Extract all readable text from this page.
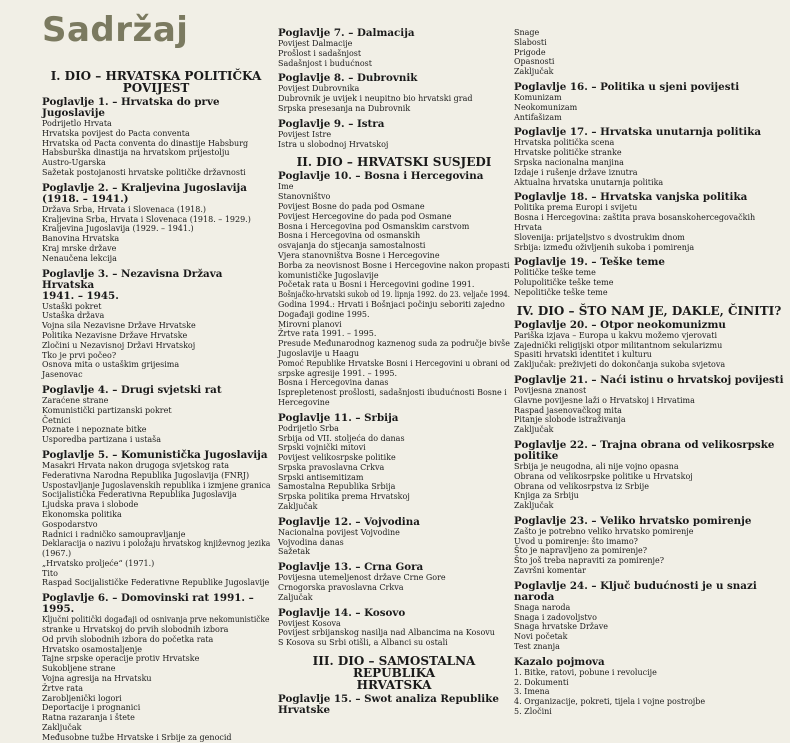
Sadržaj
I. DIO – HRVATSKA POLITIČKA
POVIJEST
Poglavlje 1. – Hrvatska do prve Jugoslavije
Podrijetlo Hrvata
Hrvatska povijest do Pacta conventa
Hrvatska od Pacta conventa do dinastije Habsburg
Habsburška dinastija na hrvatskom prijestolju
Austro-Ugarska
Sažetak postojanosti hrvatske političke državnosti
Poglavlje 2. – Kraljevina Jugoslavija
(1918. – 1941.)
Država Srba, Hrvata i Slovenaca (1918.)
Kraljevina Srba, Hrvata i Slovenaca (1918. – 1929.)
Kraljevina Jugoslavija (1929. – 1941.)
Banovina Hrvatska
Kraj mrske države
Nenaučena lekcija
Poglavlje 3. – Nezavisna Država Hrvatska
1941. – 1945.
Ustaški pokret
Ustaška država
Vojna sila Nezavisne Države Hrvatske
Politika Nezavisne Države Hrvatske
Zločini u Nezavisnoj Državi Hrvatskoj
Tko je prvi počeo?
Osnova mita o ustaškim grijesima
Jasenovac
Poglavlje 4. – Drugi svjetski rat
Zaraćene strane
Komunistički partizanski pokret
Četnici
Poznate i nepoznate bitke
Usporedba partizana i ustaša
Poglavlje 5. – Komunistička Jugoslavija
Masakri Hrvata nakon drugoga svjetskog rata
Federativna Narodna Republika Jugoslavija (FNRJ)
Uspostavljanje Jugoslavenskih republika i izmjene granica
Socijalistička Federativna Republika Jugoslavija
Ljudska prava i slobode
Ekonomska politika
Gospodarstvo
Radnici i radničko samoupravljanje
Deklaracija o nazivu i položaju hrvatskog književnog jezika
(1967.)
„Hrvatsko proljeće“ (1971.)
Tito
Raspad Socijalističke Federativne Republike Jugoslavije
Poglavlje 6. – Domovinski rat 1991. – 1995.
Ključni politički događaji od osnivanja prve nekomunističke
stranke u Hrvatskoj do prvih slobodnih izbora
Od prvih slobodnih izbora do početka rata
Hrvatsko osamostaljenje
Tajne srpske operacije protiv Hrvatske
Sukobljene strane
Vojna agresija na Hrvatsku
Žrtve rata
Zarobljenički logori
Deportacije i prognanici
Ratna razaranja i štete
Zaključak
Međusobne tužbe Hrvatske i Srbije za genocid
Poglavlje 7. – Dalmacija
Povijest Dalmacije
Prošlost i sadašnjost
Sadašnjost i budućnost
Poglavlje 8. – Dubrovnik
Povijest Dubrovnika
Dubrovnik je uvijek i neupitno bio hrvatski grad
Srpska preseзanja na Dubrovnik
Poglavlje 9. – Istra
Povijest Istre
Istra u slobodnoj Hrvatskoj
II. DIO – HRVATSKI SUSJEDI
Poglavlje 10. – Bosna i Hercegovina
Ime
Stanovništvo
Povijest Bosne do pada pod Osmane
Povijest Hercegovine do pada pod Osmane
Bosna i Hercegovina pod Osmanskim carstvom
Bosna i Hercegovina od osmanskih
osvajanja do stjecanja samostalnosti
Vjera stanovništva Bosne i Hercegovine
Borba za neovisnost Bosne i Hercegovine nakon propasti
komunističke Jugoslavije
Početak rata u Bosni i Hercegovini godine 1991.
Bošnjačko-hrvatski sukob od 19. lipnja 1992. do 23. veljače 1994.
Godina 1994.: Hrvati i Bošnjaci počinju seboriti zajedno
Događaji godine 1995.
Mirovni planovi
Žrtve rata 1991. – 1995.
Presude Međunarodnog kaznenog suda za područje bivše
Jugoslavije u Haagu
Pomoć Republike Hrvatske Bosni i Hercegovini u obrani od
srpske agresije 1991. – 1995.
Bosna i Hercegovina danas
Isprepletenost prošlosti, sadašnjosti ibudućnosti Bosne i
Hercegovine
Poglavlje 11. – Srbija
Podrijetlo Srba
Srbija od VII. stoljeća do danas
Srpski vojnički mitovi
Povijest velikosrpske politike
Srpska pravoslavna Crkva
Srpski antisemitizam
Samostalna Republika Srbija
Srpska politika prema Hrvatskoj
Zaključak
Poglavlje 12. – Vojvodina
Nacionalna povijest Vojvodine
Vojvodina danas
Sažetak
Poglavlje 13. – Crna Gora
Povijesna utemeljenost države Crne Gore
Crnogorska pravoslavna Crkva
Zaljučak
Poglavlje 14. – Kosovo
Povijest Kosova
Povijest srbijanskog nasilja nad Albancima na Kosovu
S Kosova su Srbi otišli, a Albanci su ostali
III. DIO – SAMOSTALNA REPUBLIKA
HRVATSKA
Poglavlje 15. – Swot analiza Republike Hrvatske
Snage
Slabosti
Prigode
Opasnosti
Zaključak
Poglavlje 16. – Politika u sjeni povijesti
Komunizam
Neokomunizam
Antifašizam
Poglavlje 17. – Hrvatska unutarnja politika
Hrvatska politička scena
Hrvatske političke stranke
Srpska nacionalna manjina
Izdaje i rušenje države iznutra
Aktualna hrvatska unutarnja politika
Poglavlje 18. – Hrvatska vanjska politika
Politika prema Europi i svijetu
Bosna i Hercegovina: zaštita prava bosanskohercegovačkih
Hrvata
Slovenija: prijateljstvo s dvostrukim dnom
Srbija: između oživljenih sukoba i pomirenja
Poglavlje 19. – Teške teme
Političke teške teme
Polupolitičke teške teme
Nepolitičke teške teme
IV. DIO – ŠTO NAM JE, DAKLE, ČINITI?
Poglavlje 20. – Otpor neokomunizmu
Pariška izjava – Europa u kakvu možemo vjerovati
Zajednički religijski otpor militantnom sekularizmu
Spasiti hrvatski identitet i kulturu
Zaključak: preživjeti do dokončanja sukoba svjetova
Poglavlje 21. – Naći istinu o hrvatskoj povijesti
Povijesna znanost
Glavne povijesne laži o Hrvatskoj i Hrvatima
Raspad jasenovačkog mita
Pitanje slobode istraživanja
Zaključak
Poglavlje 22. – Trajna obrana od velikosrpske
politike
Srbija je neugodna, ali nije vojno opasna
Obrana od velikosrpske politike u Hrvatskoj
Obrana od velikosrpstva iz Srbije
Knjiga za Srbiju
Zaključak
Poglavlje 23. – Veliko hrvatsko pomirenje
Zašto je potrebno veliko hrvatsko pomirenje
Uvod u pomirenje: što imamo?
Što je napravljeno za pomirenje?
Što još treba napraviti za pomirenje?
Završni komentar
Poglavlje 24. – Ključ budućnosti je u snazi naroda
Snaga naroda
Snaga i zadovoljstvo
Snaga hrvatske Države
Novi početak
Test znanja
Kazalo pojmova
1. Bitke, ratovi, pobune i revolucije
2. Dokumenti
3. Imena
4. Organizacije, pokreti, tijela i vojne postrojbe
5. Zločini
